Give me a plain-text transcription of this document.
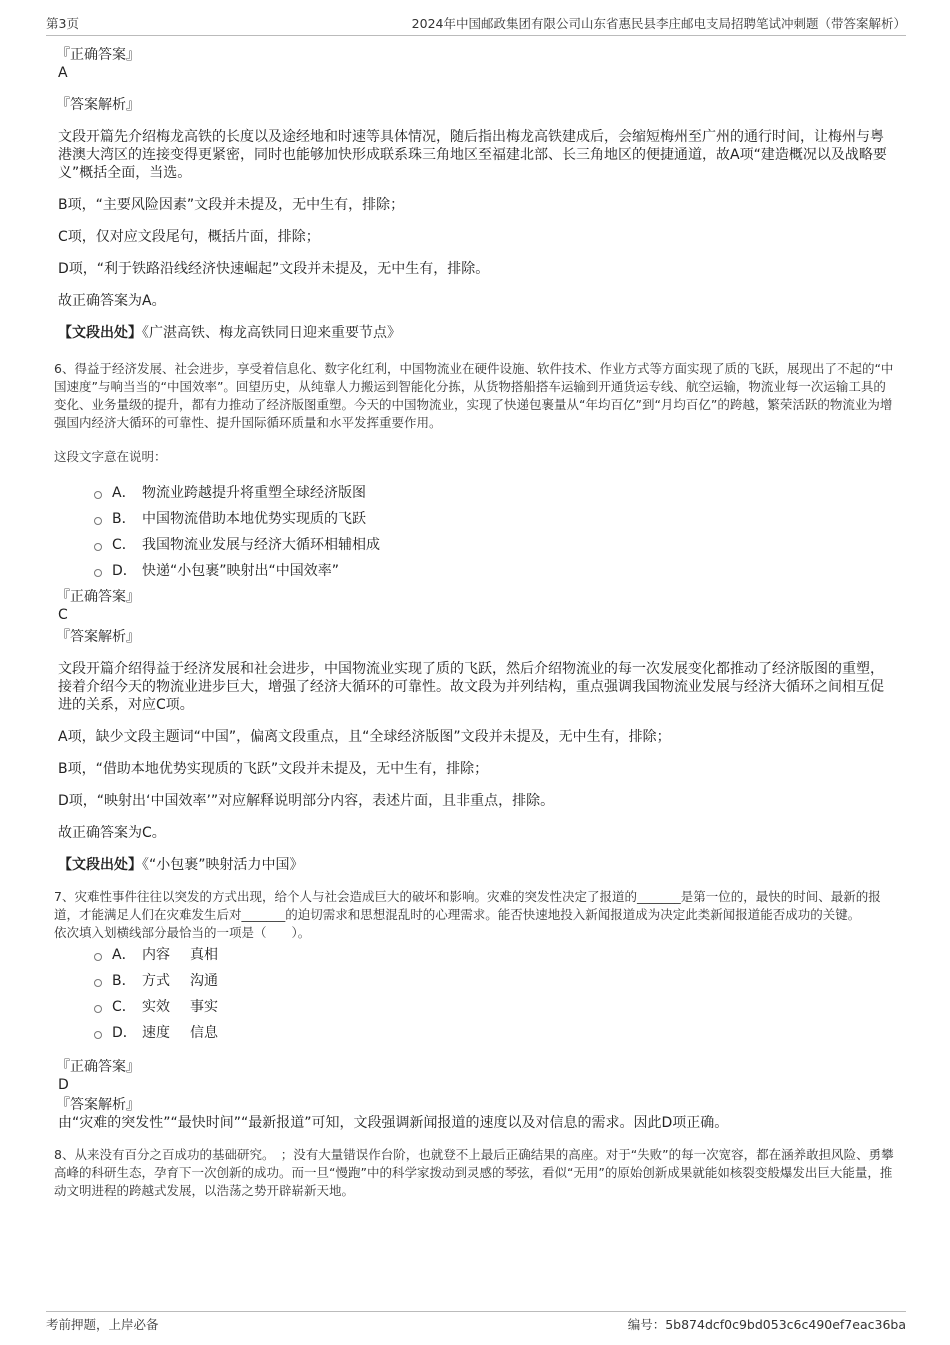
第3页	2024年中国邮政集团有限公司山东省惠民县李庄邮电支局招聘笔试冲刺题（带答案解析）

『正确答案』

A

『答案解析』

文段开篇先介绍梅龙高铁的长度以及途经地和时速等具体情况，随后指出梅龙高铁建成后，会缩短梅州至广州的通行时间，让梅州与粤港澳大湾区的连接变得更紧密，同时也能够加快形成联系珠三角地区至福建北部、长三角地区的便捷通道，故A项“建造概况以及战略要义”概括全面，当选。

B项，“主要风险因素”文段并未提及，无中生有，排除；

C项，仅对应文段尾句，概括片面，排除；

D项，“利于铁路沿线经济快速崛起”文段并未提及，无中生有，排除。

故正确答案为A。

【文段出处】《广湛高铁、梅龙高铁同日迎来重要节点》

6、得益于经济发展、社会进步，享受着信息化、数字化红利，中国物流业在硬件设施、软件技术、作业方式等方面实现了质的飞跃，展现出了不起的“中国速度”与响当当的“中国效率”。回望历史，从纯靠人力搬运到智能化分拣，从货物搭船搭车运输到开通货运专线、航空运输，物流业每一次运输工具的变化、业务量级的提升，都有力推动了经济版图重塑。今天的中国物流业，实现了快递包裹量从“年均百亿”到“月均百亿”的跨越，繁荣活跃的物流业为增强国内经济大循环的可靠性、提升国际循环质量和水平发挥重要作用。

这段文字意在说明：

A． 物流业跨越提升将重塑全球经济版图
B． 中国物流借助本地优势实现质的飞跃
C． 我国物流业发展与经济大循环相辅相成
D． 快递“小包裹”映射出“中国效率”

『正确答案』

C

『答案解析』

文段开篇介绍得益于经济发展和社会进步，中国物流业实现了质的飞跃，然后介绍物流业的每一次发展变化都推动了经济版图的重塑，接着介绍今天的物流业进步巨大，增强了经济大循环的可靠性。故文段为并列结构，重点强调我国物流业发展与经济大循环之间相互促进的关系，对应C项。

A项，缺少文段主题词“中国”，偏离文段重点，且“全球经济版图”文段并未提及，无中生有，排除；

B项，“借助本地优势实现质的飞跃”文段并未提及，无中生有，排除；

D项，“映射出‘中国效率’”对应解释说明部分内容，表述片面，且非重点，排除。

故正确答案为C。

【文段出处】《“小包裹”映射活力中国》

7、灾难性事件往往以突发的方式出现，给个人与社会造成巨大的破坏和影响。灾难的突发性决定了报道的_______是第一位的，最快的时间、最新的报道，才能满足人们在灾难发生后对_______的迫切需求和思想混乱时的心理需求。能否快速地投入新闻报道成为决定此类新闻报道能否成功的关键。

依次填入划横线部分最恰当的一项是（　　）。

A． 内容	真相
B． 方式	沟通
C． 实效	事实
D． 速度	信息

『正确答案』

D

『答案解析』

由“灾难的突发性”“最快时间”“最新报道”可知，文段强调新闻报道的速度以及对信息的需求。因此D项正确。

8、从来没有百分之百成功的基础研究。　；没有大量错误作台阶，也就登不上最后正确结果的高座。对于“失败”的每一次宽容，都在涵养敢担风险、勇攀高峰的科研生态，孕育下一次创新的成功。而一旦“慢跑”中的科学家拨动到灵感的琴弦，看似“无用”的原始创新成果就能如核裂变般爆发出巨大能量，推动文明进程的跨越式发展，以浩荡之势开辟崭新天地。

考前押题，上岸必备	编号：5b874dcf0c9bd053c6c490ef7eac36ba
